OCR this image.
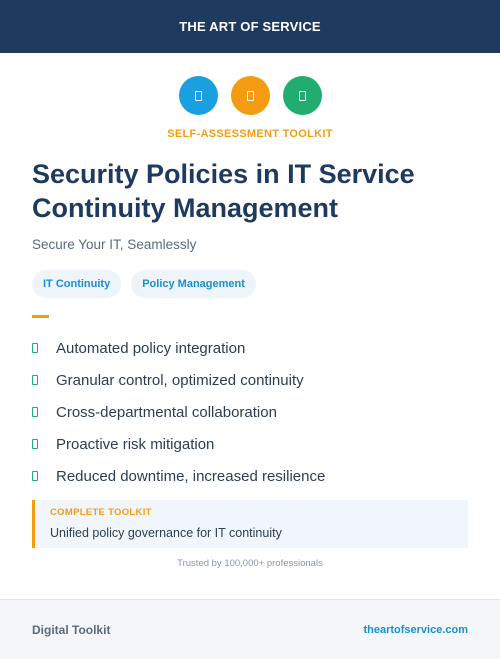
THE ART OF SERVICE
SELF-ASSESSMENT TOOLKIT
Security Policies in IT Service Continuity Management
Secure Your IT, Seamlessly
IT Continuity	Policy Management
Automated policy integration
Granular control, optimized continuity
Cross-departmental collaboration
Proactive risk mitigation
Reduced downtime, increased resilience
COMPLETE TOOLKIT
Unified policy governance for IT continuity
Trusted by 100,000+ professionals
Digital Toolkit	theartofservice.com
